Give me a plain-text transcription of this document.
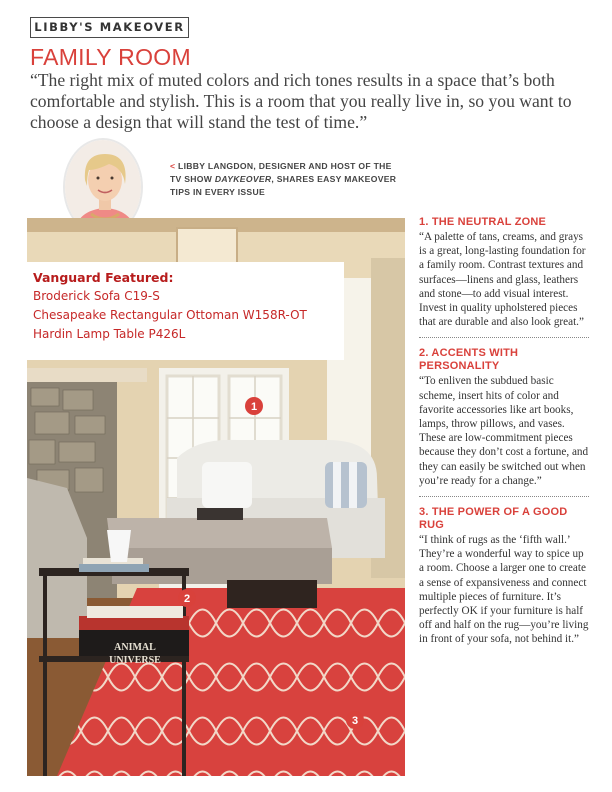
LIBBY'S MAKEOVER
FAMILY ROOM
“The right mix of muted colors and rich tones results in a space that’s both comfortable and stylish. This is a room that you really live in, so you want to choose a design that will stand the test of time.”
< LIBBY LANGDON, DESIGNER AND HOST OF THE TV SHOW DAYKEOVER, SHARES EASY MAKEOVER TIPS IN EVERY ISSUE
1
2
3
ANIMAL
UNIVERSE
Vanguard Featured:
Broderick Sofa C19-S
Chesapeake Rectangular Ottoman W158R-OT
Hardin Lamp Table P426L
1. THE NEUTRAL ZONE

“A palette of tans, creams, and grays is a great, long-lasting foundation for a family room. Contrast textures and surfaces—linens and glass, leathers and stone—to add visual interest. Invest in quality upholstered pieces that are durable and also look great.”

2. ACCENTS WITH PERSONALITY

“To enliven the subdued basic scheme, insert hits of color and favorite accessories like art books, lamps, throw pillows, and vases. These are low-commitment pieces because they don’t cost a fortune, and they can easily be switched out when you’re ready for a change.”

3. THE POWER OF A GOOD RUG

“I think of rugs as the ‘fifth wall.’ They’re a wonderful way to spice up a room. Choose a larger one to create a sense of expansiveness and connect multiple pieces of furniture. It’s perfectly OK if your furniture is half off and half on the rug—you’re living in front of your sofa, not behind it.”
